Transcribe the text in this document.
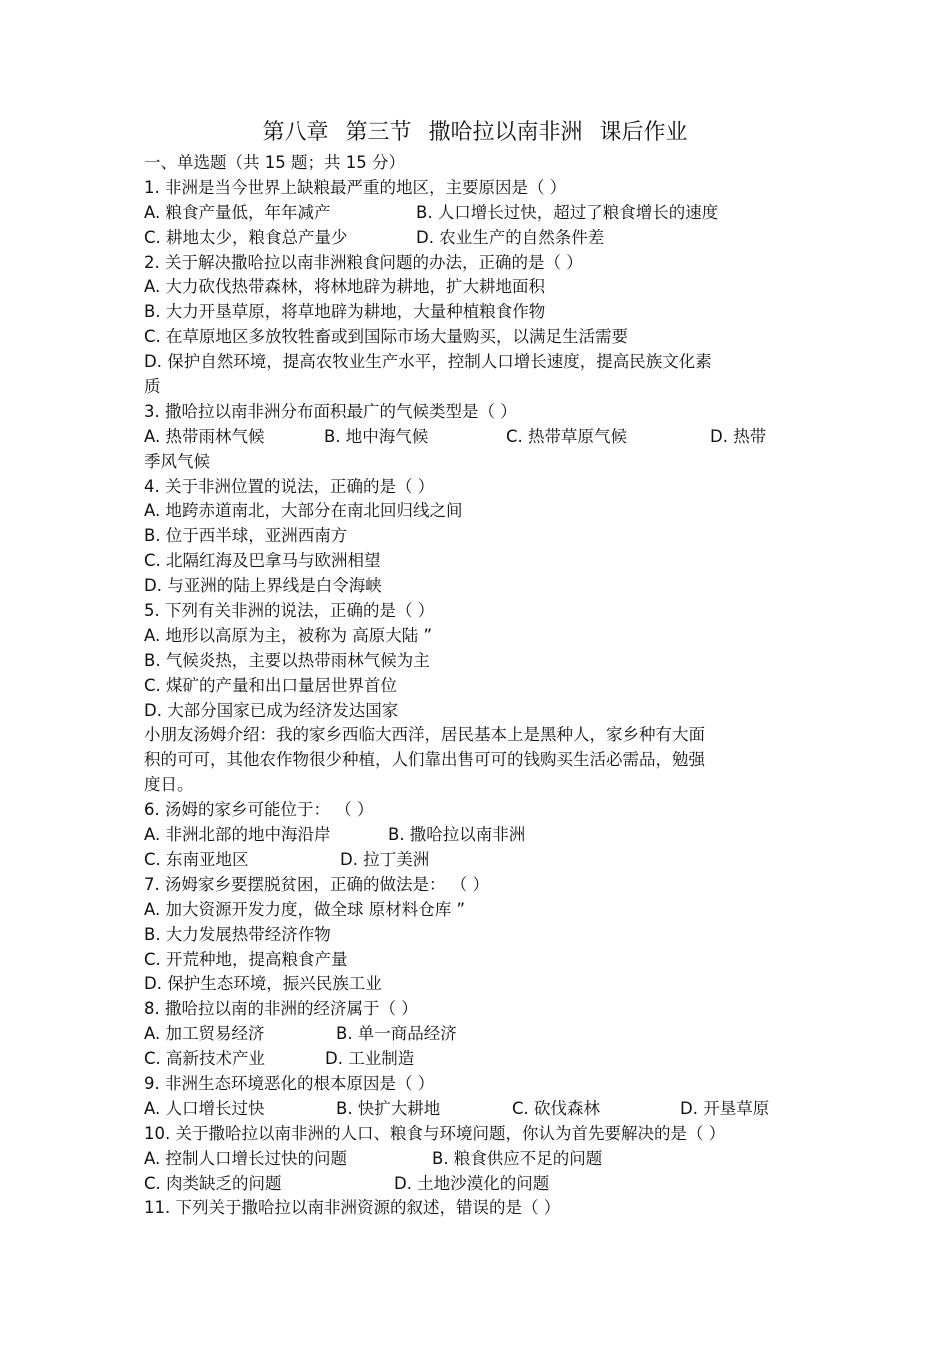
第八章 第三节 撒哈拉以南非洲 课后作业
一、单选题（共 15 题；共 15 分）
1. 非洲是当今世界上缺粮最严重的地区，主要原因是（ ）
A. 粮食产量低，年年减产	B. 人口增长过快，超过了粮食增长的速度
C. 耕地太少，粮食总产量少	D. 农业生产的自然条件差
2. 关于解决撒哈拉以南非洲粮食问题的办法，正确的是（ ）
A. 大力砍伐热带森林，将林地辟为耕地，扩大耕地面积
B. 大力开垦草原，将草地辟为耕地，大量种植粮食作物
C. 在草原地区多放牧牲畜或到国际市场大量购买，以满足生活需要
D. 保护自然环境，提高农牧业生产水平，控制人口增长速度，提高民族文化素
质
3. 撒哈拉以南非洲分布面积最广的气候类型是（ ）
A. 热带雨林气候	B. 地中海气候	C. 热带草原气候	D. 热带
季风气候
4. 关于非洲位置的说法，正确的是（ ）
A. 地跨赤道南北，大部分在南北回归线之间
B. 位于西半球，亚洲西南方
C. 北隔红海及巴拿马与欧洲相望
D. 与亚洲的陆上界线是白令海峡
5. 下列有关非洲的说法，正确的是（ ）
A. 地形以高原为主，被称为 高原大陆 ”
B. 气候炎热，主要以热带雨林气候为主
C. 煤矿的产量和出口量居世界首位
D. 大部分国家已成为经济发达国家
小朋友汤姆介绍：我的家乡西临大西洋，居民基本上是黑种人，家乡种有大面
积的可可，其他农作物很少种植，人们靠出售可可的钱购买生活必需品，勉强
度日。
6. 汤姆的家乡可能位于： （ ）
A. 非洲北部的地中海沿岸	B. 撒哈拉以南非洲
C. 东南亚地区	D. 拉丁美洲
7. 汤姆家乡要摆脱贫困，正确的做法是： （ ）
A. 加大资源开发力度，做全球 原材料仓库 ”
B. 大力发展热带经济作物
C. 开荒种地，提高粮食产量
D. 保护生态环境，振兴民族工业
8. 撒哈拉以南的非洲的经济属于（ ）
A. 加工贸易经济	B. 单一商品经济
C. 高新技术产业	D. 工业制造
9. 非洲生态环境恶化的根本原因是（ ）
A. 人口增长过快	B. 快扩大耕地	C. 砍伐森林	D. 开垦草原
10. 关于撒哈拉以南非洲的人口、粮食与环境问题，你认为首先要解决的是（ ）
A. 控制人口增长过快的问题	B. 粮食供应不足的问题
C. 肉类缺乏的问题	D. 土地沙漠化的问题
11. 下列关于撒哈拉以南非洲资源的叙述，错误的是（ ）
